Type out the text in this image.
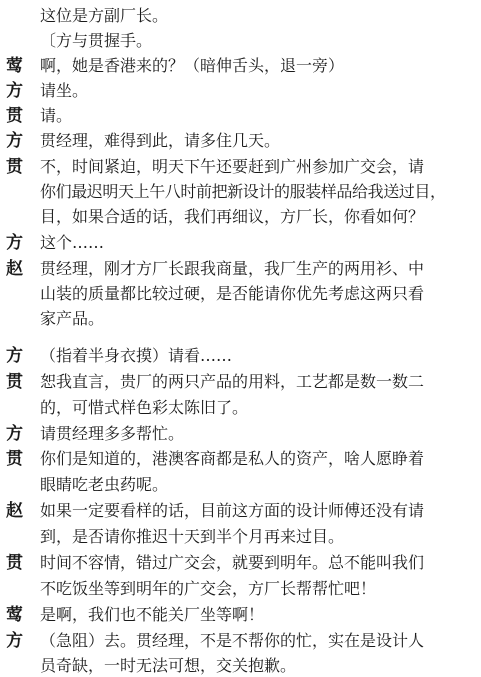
这位是方副厂长。
〔方与贯握手。
莺 啊，她是香港来的？（暗伸舌头，退一旁）
方 请坐。
贯 请。
方 贯经理，难得到此，请多住几天。
贯 不，时间紧迫，明天下午还要赶到广州参加广交会，请
你们最迟明天上午八时前把新设计的服装样品给我送过目，
目，如果合适的话，我们再细议，方厂长，你看如何？
方 这个……
赵 贯经理，刚才方厂长跟我商量，我厂生产的两用衫、中
山装的质量都比较过硬，是否能请你优先考虑这两只看
家产品。
方 （指着半身衣摸）请看……
贯 恕我直言，贵厂的两只产品的用料，工艺都是数一数二
的，可惜式样色彩太陈旧了。
方 请贯经理多多帮忙。
贯 你们是知道的，港澳客商都是私人的资产，啥人愿睁着
眼睛吃老虫药呢。
赵 如果一定要看样的话，目前这方面的设计师傅还没有请
到，是否请你推迟十天到半个月再来过目。
贯 时间不容情，错过广交会，就要到明年。总不能叫我们
不吃饭坐等到明年的广交会，方厂长帮帮忙吧！
莺 是啊，我们也不能关厂坐等啊！
方 （急阻）去。贯经理，不是不帮你的忙，实在是设计人
员奇缺，一时无法可想，交关抱歉。
